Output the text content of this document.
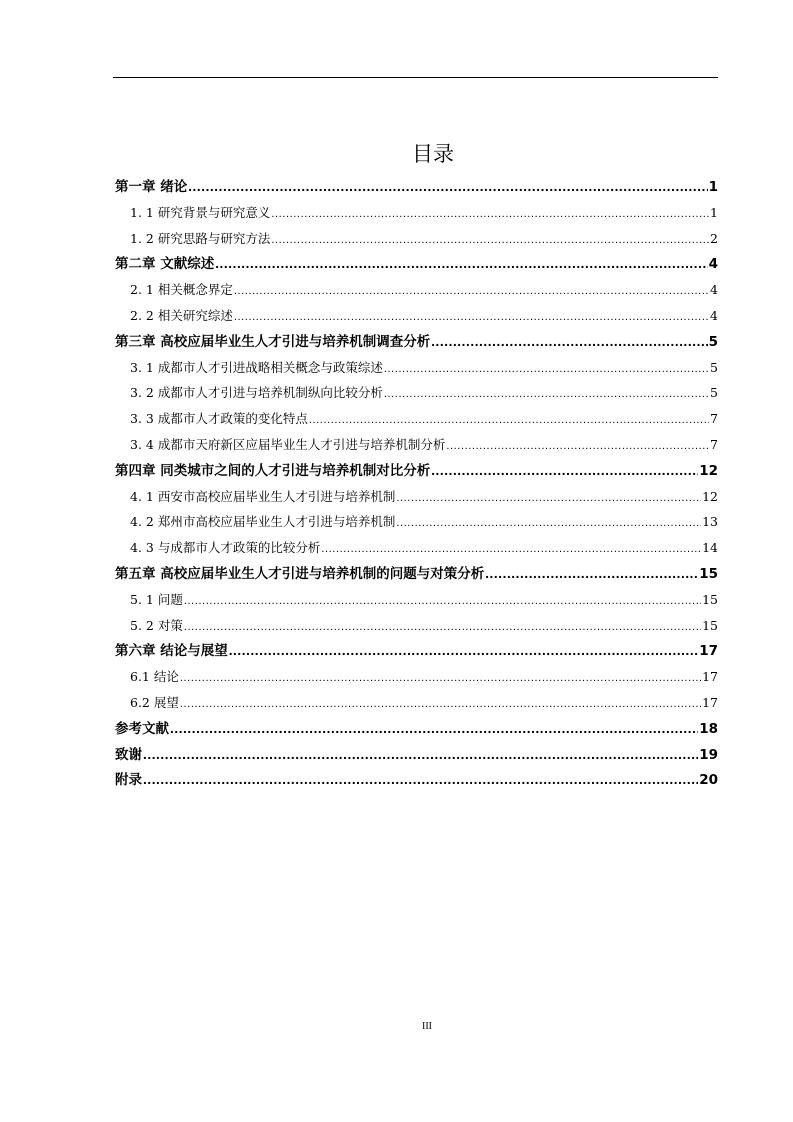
目录
第一章 绪论 .....	1
1. 1 研究背景与研究意义 .....	1
1. 2 研究思路与研究方法 .....	2
第二章 文献综述 .....	4
2. 1 相关概念界定 .....	4
2. 2 相关研究综述 .....	4
第三章 高校应届毕业生人才引进与培养机制调查分析 .....	5
3. 1 成都市人才引进战略相关概念与政策综述 .....	5
3. 2 成都市人才引进与培养机制纵向比较分析 .....	5
3. 3 成都市人才政策的变化特点 .....	7
3. 4 成都市天府新区应届毕业生人才引进与培养机制分析 .....	7
第四章 同类城市之间的人才引进与培养机制对比分析 .....	12
4. 1 西安市高校应届毕业生人才引进与培养机制 .....	12
4. 2 郑州市高校应届毕业生人才引进与培养机制 .....	13
4. 3 与成都市人才政策的比较分析 .....	14
第五章 高校应届毕业生人才引进与培养机制的问题与对策分析 .....	15
5. 1 问题 .....	15
5. 2 对策 .....	15
第六章 结论与展望 .....	17
6.1 结论 .....	17
6.2 展望 .....	17
参考文献 .....	18
致谢 .....	19
附录 .....	20
III
